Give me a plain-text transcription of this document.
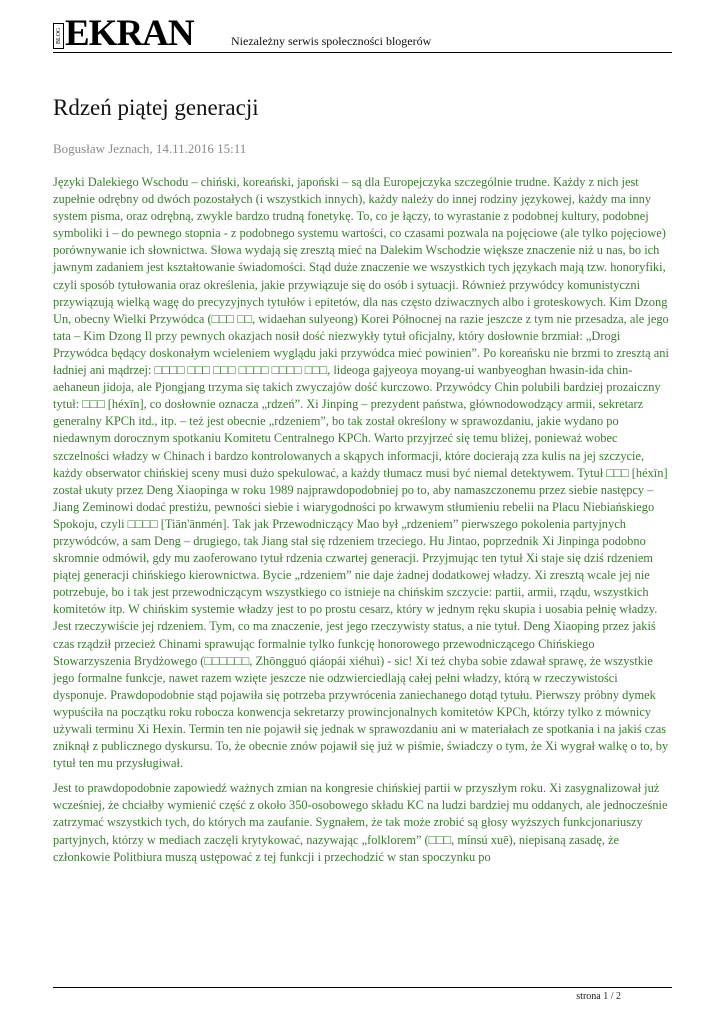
BLOG EKRAN	Niezależny serwis społeczności blogerów
Rdzeń piątej generacji
Bogusław Jeznach, 14.11.2016 15:11

Języki Dalekiego Wschodu – chiński, koreański, japoński – są dla Europejczyka szczególnie trudne. Każdy z nich jest zupełnie odrębny od dwóch pozostałych (i wszystkich innych), każdy należy do innej rodziny językowej, każdy ma inny system pisma, oraz odrębną, zwykle bardzo trudną fonetykę. To, co je łączy, to wyrastanie z podobnej kultury, podobnej symboliki i – do pewnego stopnia - z podobnego systemu wartości, co czasami pozwala na pojęciowe (ale tylko pojęciowe) porównywanie ich słownictwa. Słowa wydają się zresztą mieć na Dalekim Wschodzie większe znaczenie niż u nas, bo ich jawnym zadaniem jest kształtowanie świadomości. Stąd duże znaczenie we wszystkich tych językach mają tzw. honoryfiki, czyli sposób tytułowania oraz określenia, jakie przywiązuje się do osób i sytuacji. Również przywódcy komunistyczni przywiązują wielką wagę do precyzyjnych tytułów i epitetów, dla nas często dziwacznych albo i groteskowych. Kim Dzong Un, obecny Wielki Przywódca (□□□ □□, widaehan sulyeong) Korei Północnej na razie jeszcze z tym nie przesadza, ale jego tata – Kim Dzong Il przy pewnych okazjach nosił dość niezwykły tytuł oficjalny, który dosłownie brzmiał: „Drogi Przywódca będący doskonałym wcieleniem wyglądu jaki przywódca mieć powinien”. Po koreańsku nie brzmi to zresztą ani ładniej ani mądrzej: □□□□ □□□ □□□ □□□□ □□□□ □□□, lideoga gajyeoya moyang-ui wanbyeoghan hwasin-ida chin-aehaneun jidoja, ale Pjongjang trzyma się takich zwyczajów dość kurczowo. Przywódcy Chin polubili bardziej prozaiczny tytuł: □□□ [héxīn], co dosłownie oznacza „rdzeń”. Xi Jinping – prezydent państwa, głównodowodzący armii, sekretarz generalny KPCh itd., itp. – też jest obecnie „rdzeniem”, bo tak został określony w sprawozdaniu, jakie wydano po niedawnym dorocznym spotkaniu Komitetu Centralnego KPCh. Warto przyjrzeć się temu bliżej, ponieważ wobec szczelności władzy w Chinach i bardzo kontrolowanych a skąpych informacji, które docierają zza kulis na jej szczycie, każdy obserwator chińskiej sceny musi dużo spekulować, a każdy tłumacz musi być niemal detektywem. Tytuł □□□ [héxīn] został ukuty przez Deng Xiaopinga w roku 1989 najprawdopodobniej po to, aby namaszczonemu przez siebie następcy – Jiang Zeminowi dodać prestiżu, pewności siebie i wiarygodności po krwawym stłumieniu rebelii na Placu Niebiańskiego Spokoju, czyli □□□□ [Tiān'ānmén]. Tak jak Przewodniczący Mao był „rdzeniem” pierwszego pokolenia partyjnych przywódców, a sam Deng – drugiego, tak Jiang stał się rdzeniem trzeciego. Hu Jintao, poprzednik Xi Jinpinga podobno skromnie odmówił, gdy mu zaoferowano tytuł rdzenia czwartej generacji. Przyjmując ten tytuł Xi staje się dziś rdzeniem piątej generacji chińskiego kierownictwa. Bycie „rdzeniem” nie daje żadnej dodatkowej władzy. Xi zresztą wcale jej nie potrzebuje, bo i tak jest przewodniczącym wszystkiego co istnieje na chińskim szczycie: partii, armii, rządu, wszystkich komitetów itp. W chińskim systemie władzy jest to po prostu cesarz, który w jednym ręku skupia i uosabia pełnię władzy. Jest rzeczywiście jej rdzeniem. Tym, co ma znaczenie, jest jego rzeczywisty status, a nie tytuł. Deng Xiaoping przez jakiś czas rządził przecież Chinami sprawując formalnie tylko funkcję honorowego przewodniczącego Chińskiego Stowarzyszenia Brydżowego (□□□□□□, Zhōngguó qiáopái xiéhuì) - sic! Xi też chyba sobie zdawał sprawę, że wszystkie jego formalne funkcje, nawet razem wzięte jeszcze nie odzwierciedlają całej pełni władzy, którą w rzeczywistości dysponuje. Prawdopodobnie stąd pojawiła się potrzeba przywrócenia zaniechanego dotąd tytułu. Pierwszy próbny dymek wypuściła na początku roku robocza konwencja sekretarzy prowincjonalnych komitetów KPCh, którzy tylko z mównicy używali terminu Xi Hexin. Termin ten nie pojawił się jednak w sprawozdaniu ani w materiałach ze spotkania i na jakiś czas zniknął z publicznego dyskursu. To, że obecnie znów pojawił się już w piśmie, świadczy o tym, że Xi wygrał walkę o to, by tytuł ten mu przysługiwał.

Jest to prawdopodobnie zapowiedź ważnych zmian na kongresie chińskiej partii w przyszłym roku. Xi zasygnalizował już wcześniej, że chciałby wymienić część z około 350-osobowego składu KC na ludzi bardziej mu oddanych, ale jednocześnie zatrzymać wszystkich tych, do których ma zaufanie. Sygnałem, że tak może zrobić są głosy wyższych funkcjonariuszy partyjnych, którzy w mediach zaczęli krytykować, nazywając „folklorem” (□□□, mínsú xuē), niepisaną zasadę, że członkowie Politbiura muszą ustępować z tej funkcji i przechodzić w stan spoczynku po

strona 1 / 2
